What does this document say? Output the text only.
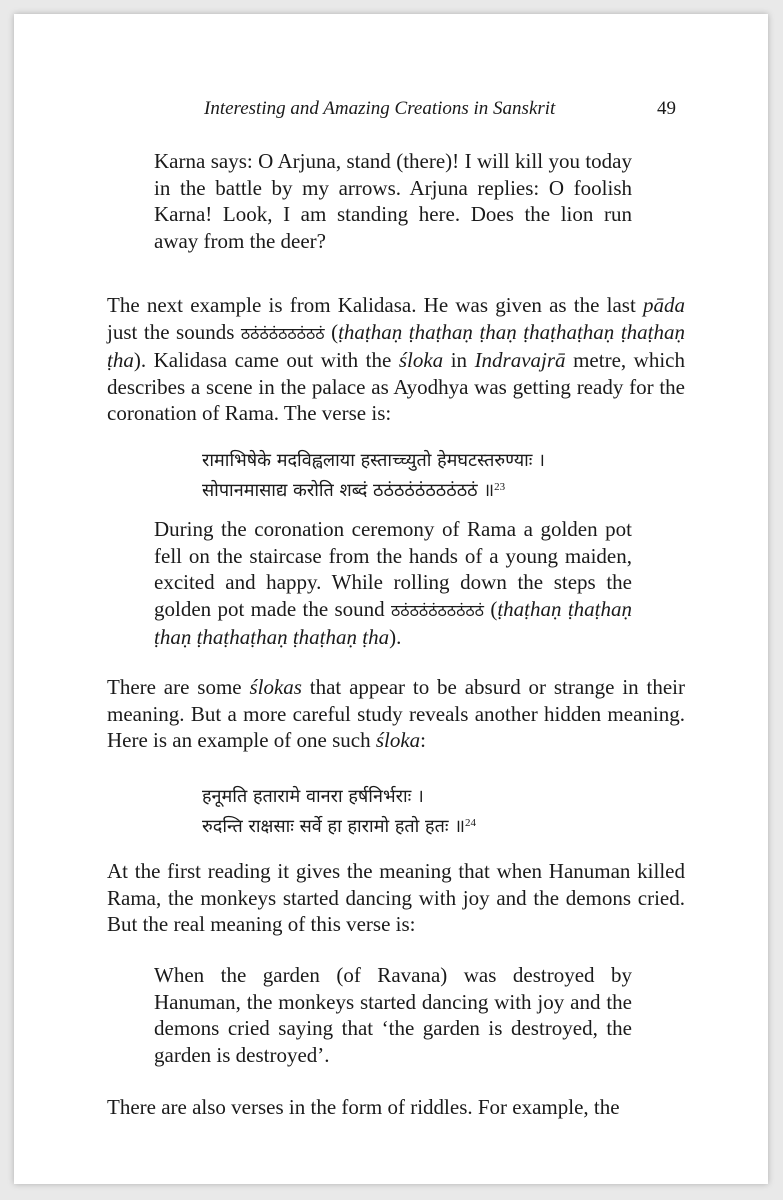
Interesting and Amazing Creations in Sanskrit	49
Karna says: O Arjuna, stand (there)! I will kill you today in the battle by my arrows. Arjuna replies: O foolish Karna! Look, I am standing here. Does the lion run away from the deer?
The next example is from Kalidasa. He was given as the last pāda just the sounds ठठंठंठंठठठंठठं (ṭhaṭhaṇ ṭhaṭhaṇ ṭhaṇ ṭhaṭhaṭhaṇ ṭhaṭhaṇ ṭha). Kalidasa came out with the śloka in Indravajrā metre, which describes a scene in the palace as Ayodhya was getting ready for the coronation of Rama. The verse is:
रामाभिषेके मदविह्वलाया हस्ताच्च्युतो हेमघटस्तरुण्याः ।
सोपानमासाद्य करोति शब्दं ठठंठठंठंठठठंठठं ॥$^{23}$
During the coronation ceremony of Rama a golden pot fell on the staircase from the hands of a young maiden, excited and happy. While rolling down the steps the golden pot made the sound ठठंठठंठंठठठंठठं (ṭhaṭhaṇ ṭhaṭhaṇ ṭhaṇ ṭhaṭhaṭhaṇ ṭhaṭhaṇ ṭha).
There are some ślokas that appear to be absurd or strange in their meaning. But a more careful study reveals another hidden meaning. Here is an example of one such śloka:
हनूमति हतारामे वानरा हर्षनिर्भराः ।
रुदन्ति राक्षसाः सर्वे हा हारामो हतो हतः ॥$^{24}$
At the first reading it gives the meaning that when Hanuman killed Rama, the monkeys started dancing with joy and the demons cried. But the real meaning of this verse is:
When the garden (of Ravana) was destroyed by Hanuman, the monkeys started dancing with joy and the demons cried saying that ‘the garden is destroyed, the garden is destroyed’.
There are also verses in the form of riddles. For example, the
